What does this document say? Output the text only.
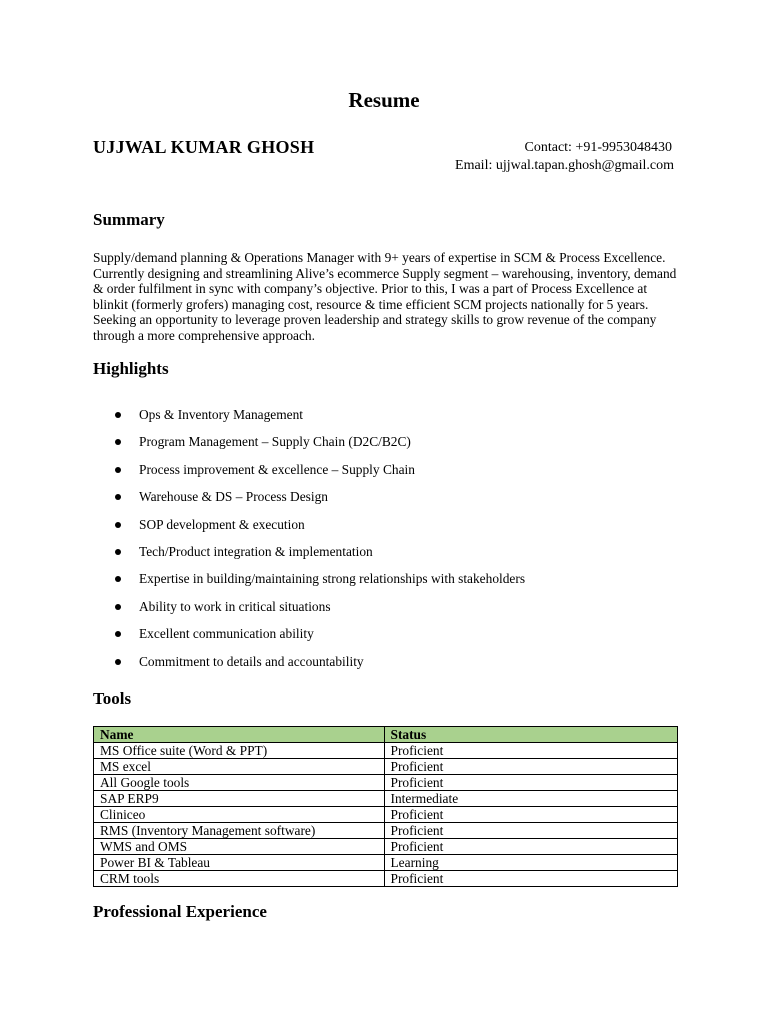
Resume
UJJWAL KUMAR GHOSH	Contact: +91-9953048430
Email: ujjwal.tapan.ghosh@gmail.com
Summary
Supply/demand planning & Operations Manager with 9+ years of expertise in SCM & Process Excellence. Currently designing and streamlining Alive’s ecommerce Supply segment – warehousing, inventory, demand & order fulfilment in sync with company’s objective. Prior to this, I was a part of Process Excellence at blinkit (formerly grofers) managing cost, resource & time efficient SCM projects nationally for 5 years. Seeking an opportunity to leverage proven leadership and strategy skills to grow revenue of the company through a more comprehensive approach.
Highlights
Ops & Inventory Management
Program Management – Supply Chain (D2C/B2C)
Process improvement & excellence – Supply Chain
Warehouse & DS – Process Design
SOP development & execution
Tech/Product integration & implementation
Expertise in building/maintaining strong relationships with stakeholders
Ability to work in critical situations
Excellent communication ability
Commitment to details and accountability
Tools
Name	Status
MS Office suite (Word & PPT)	Proficient
MS excel	Proficient
All Google tools	Proficient
SAP ERP9	Intermediate
Cliniceo	Proficient
RMS (Inventory Management software)	Proficient
WMS and OMS	Proficient
Power BI & Tableau	Learning
CRM tools	Proficient
Professional Experience
